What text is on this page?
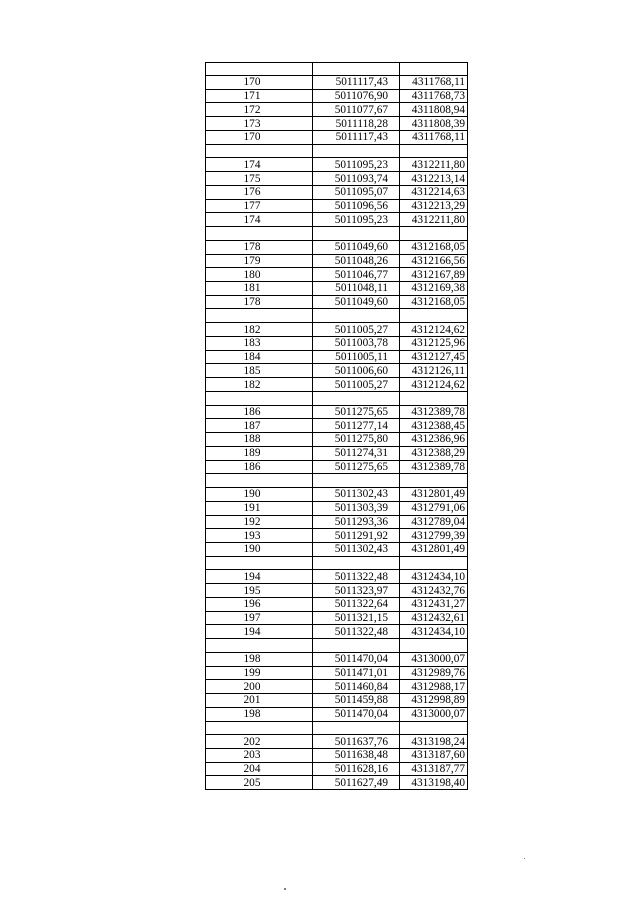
170	5011117,43	4311768,11
171	5011076,90	4311768,73
172	5011077,67	4311808,94
173	5011118,28	4311808,39
170	5011117,43	4311768,11

174	5011095,23	4312211,80
175	5011093,74	4312213,14
176	5011095,07	4312214,63
177	5011096,56	4312213,29
174	5011095,23	4312211,80

178	5011049,60	4312168,05
179	5011048,26	4312166,56
180	5011046,77	4312167,89
181	5011048,11	4312169,38
178	5011049,60	4312168,05

182	5011005,27	4312124,62
183	5011003,78	4312125,96
184	5011005,11	4312127,45
185	5011006,60	4312126,11
182	5011005,27	4312124,62

186	5011275,65	4312389,78
187	5011277,14	4312388,45
188	5011275,80	4312386,96
189	5011274,31	4312388,29
186	5011275,65	4312389,78

190	5011302,43	4312801,49
191	5011303,39	4312791,06
192	5011293,36	4312789,04
193	5011291,92	4312799,39
190	5011302,43	4312801,49

194	5011322,48	4312434,10
195	5011323,97	4312432,76
196	5011322,64	4312431,27
197	5011321,15	4312432,61
194	5011322,48	4312434,10

198	5011470,04	4313000,07
199	5011471,01	4312989,76
200	5011460,84	4312988,17
201	5011459,88	4312998,89
198	5011470,04	4313000,07

202	5011637,76	4313198,24
203	5011638,48	4313187,60
204	5011628,16	4313187,77
205	5011627,49	4313198,40
